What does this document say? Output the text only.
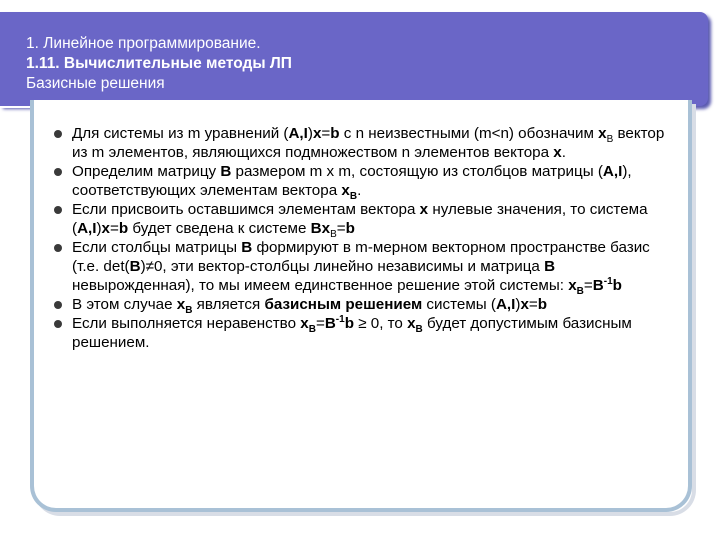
1. Линейное программирование.
1.11. Вычислительные методы ЛП
Базисные решения
Для системы из m уравнений (A,I)x=b с n неизвестными (m<n) обозначим $x_B$ вектор из m элементов, являющихся подмножеством n элементов вектора x.
Определим матрицу B размером m x m, состоящую из столбцов матрицы (A,I), соответствующих элементам вектора $x_B$.
Если присвоить оставшимся элементам вектора x нулевые значения, то система (A,I)x=b будет сведена к системе $Bx_B=b$
Если столбцы матрицы B формируют в m-мерном векторном пространстве базис (т.е. det(B)≠0, эти вектор-столбцы линейно независимы и матрица B невырожденная), то мы имеем единственное решение этой системы: $x_B=B^{-1}b$
В этом случае $x_B$ является базисным решением системы (A,I)x=b
Если выполняется неравенство $x_B=B^{-1}b \ge 0$, то $x_B$ будет допустимым базисным решением.
